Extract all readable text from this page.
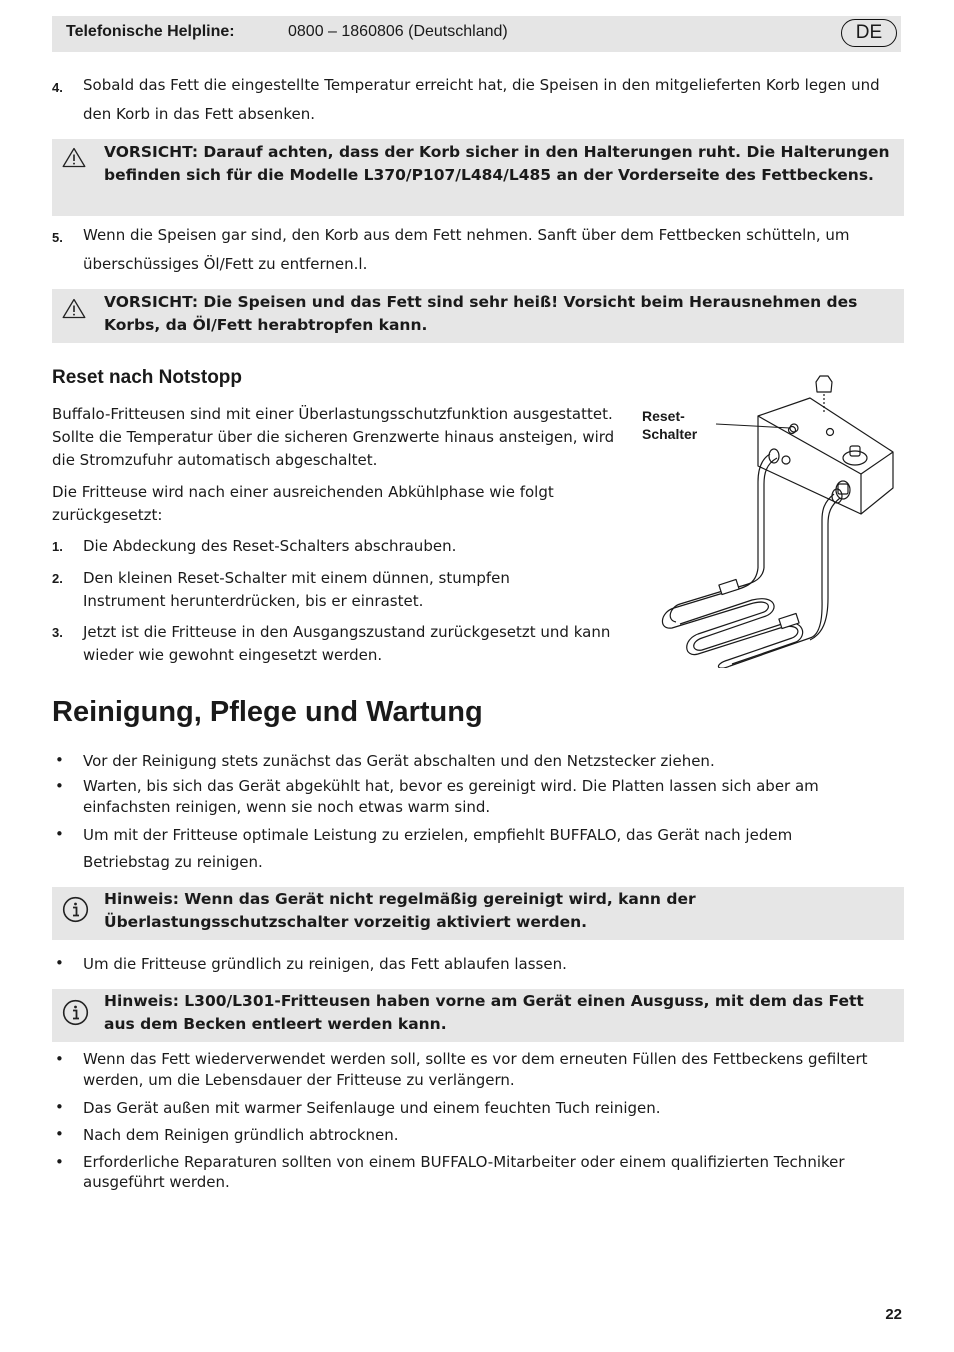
Telefonische Helpline:	0800 – 1860806 (Deutschland)	DE
4. Sobald das Fett die eingestellte Temperatur erreicht hat, die Speisen in den mitgelieferten Korb legen und den Korb in das Fett absenken.
VORSICHT: Darauf achten, dass der Korb sicher in den Halterungen ruht. Die Halterungen befinden sich für die Modelle L370/P107/L484/L485 an der Vorderseite des Fettbeckens.
5. Wenn die Speisen gar sind, den Korb aus dem Fett nehmen. Sanft über dem Fettbecken schütteln, um überschüssiges Öl/Fett zu entfernen.l.
VORSICHT: Die Speisen und das Fett sind sehr heiß! Vorsicht beim Herausnehmen des Korbs, da Öl/Fett herabtropfen kann.
Reset nach Notstopp
Buffalo-Fritteusen sind mit einer Überlastungsschutzfunktion ausgestattet. Sollte die Temperatur über die sicheren Grenzwerte hinaus ansteigen, wird die Stromzufuhr automatisch abgeschaltet.
Die Fritteuse wird nach einer ausreichenden Abkühlphase wie folgt zurückgesetzt:
1. Die Abdeckung des Reset-Schalters abschrauben.
2. Den kleinen Reset-Schalter mit einem dünnen, stumpfen Instrument herunterdrücken, bis er einrastet.
3. Jetzt ist die Fritteuse in den Ausgangszustand zurückgesetzt und kann wieder wie gewohnt eingesetzt werden.
Reset-Schalter
Reinigung, Pflege und Wartung
• Vor der Reinigung stets zunächst das Gerät abschalten und den Netzstecker ziehen.
• Warten, bis sich das Gerät abgekühlt hat, bevor es gereinigt wird. Die Platten lassen sich aber am einfachsten reinigen, wenn sie noch etwas warm sind.
• Um mit der Fritteuse optimale Leistung zu erzielen, empfiehlt BUFFALO, das Gerät nach jedem Betriebstag zu reinigen.
Hinweis: Wenn das Gerät nicht regelmäßig gereinigt wird, kann der Überlastungsschutzschalter vorzeitig aktiviert werden.
• Um die Fritteuse gründlich zu reinigen, das Fett ablaufen lassen.
Hinweis: L300/L301-Fritteusen haben vorne am Gerät einen Ausguss, mit dem das Fett aus dem Becken entleert werden kann.
• Wenn das Fett wiederverwendet werden soll, sollte es vor dem erneuten Füllen des Fettbeckens gefiltert werden, um die Lebensdauer der Fritteuse zu verlängern.
• Das Gerät außen mit warmer Seifenlauge und einem feuchten Tuch reinigen.
• Nach dem Reinigen gründlich abtrocknen.
• Erforderliche Reparaturen sollten von einem BUFFALO-Mitarbeiter oder einem qualifizierten Techniker ausgeführt werden.
22
